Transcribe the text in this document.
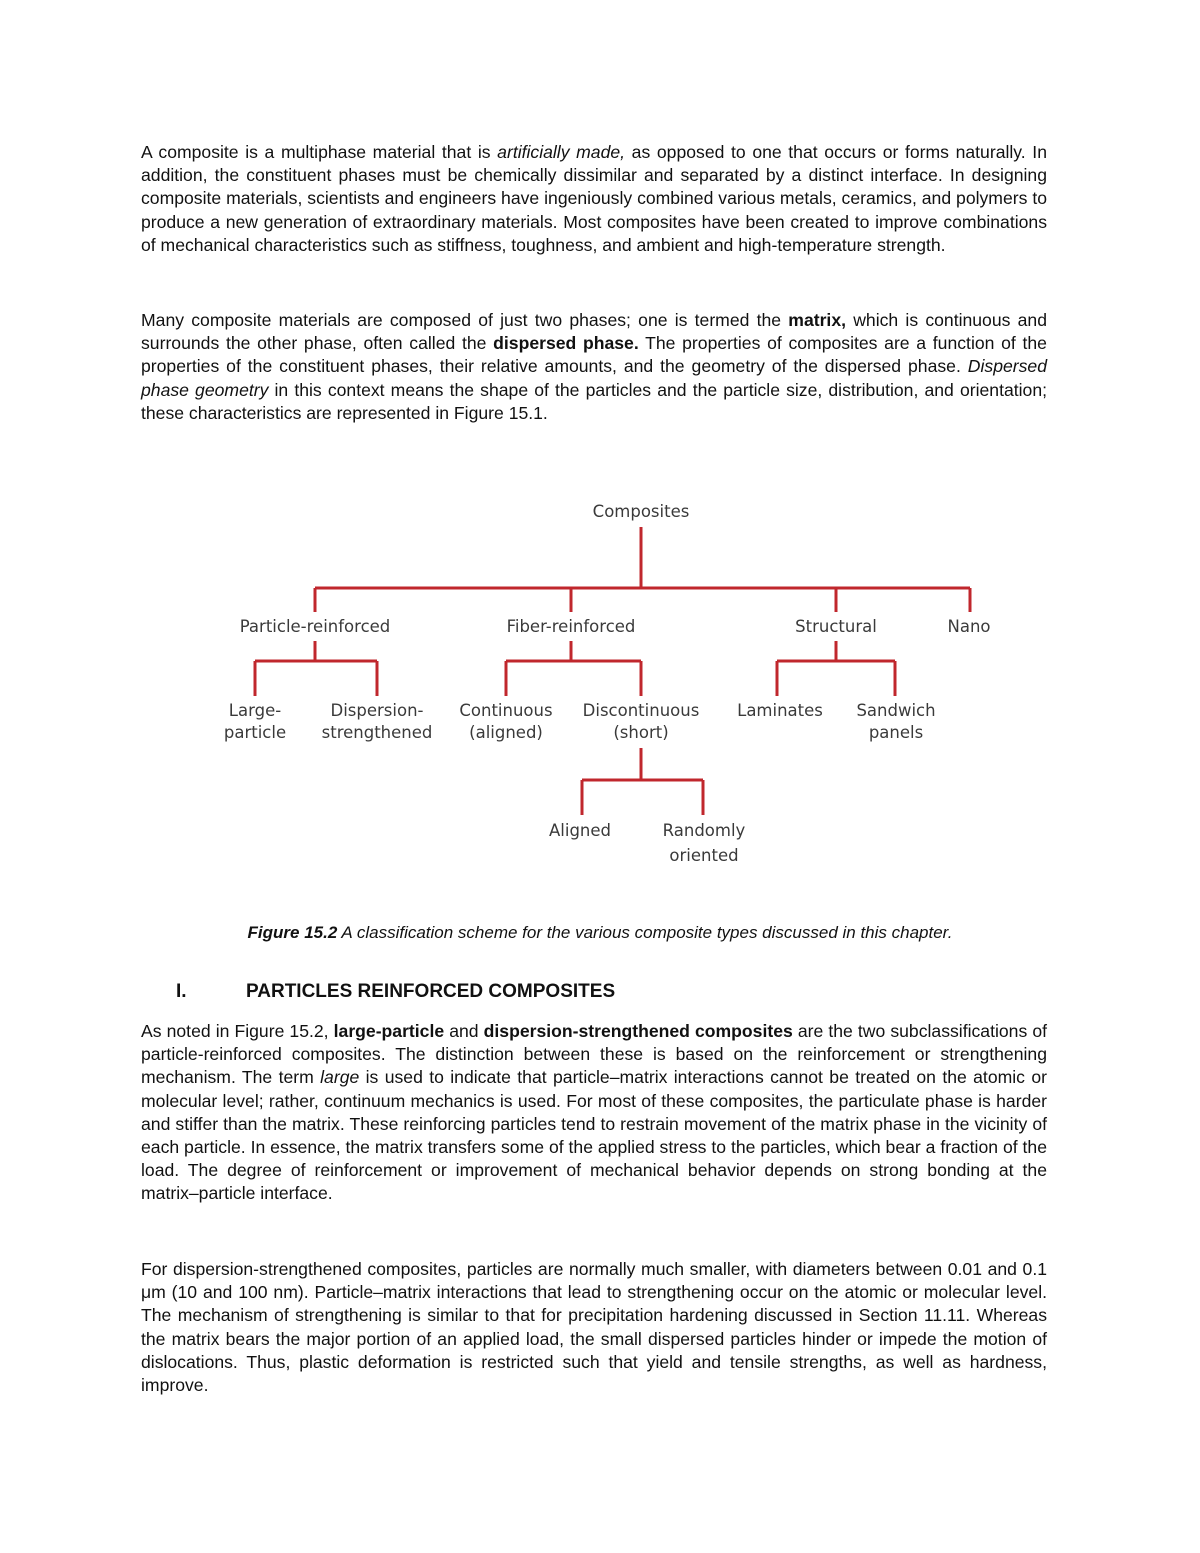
A composite is a multiphase material that is artificially made, as opposed to one that occurs or forms naturally. In addition, the constituent phases must be chemically dissimilar and separated by a distinct interface. In designing composite materials, scientists and engineers have ingeniously combined various metals, ceramics, and polymers to produce a new generation of extraordinary materials. Most composites have been created to improve combinations of mechanical characteristics such as stiffness, toughness, and ambient and high-temperature strength.

Many composite materials are composed of just two phases; one is termed the matrix, which is continuous and surrounds the other phase, often called the dispersed phase. The properties of composites are a function of the properties of the constituent phases, their relative amounts, and the geometry of the dispersed phase. Dispersed phase geometry in this context means the shape of the particles and the particle size, distribution, and orientation; these characteristics are represented in Figure 15.1.

Composites
Particle-reinforced	Fiber-reinforced	Structural	Nano
Large-
particle
Dispersion-
strengthened
Continuous
(aligned)
Discontinuous
(short)
Laminates Sandwich
panels
Aligned	Randomly
oriented
Figure 15.2 A classification scheme for the various composite types discussed in this chapter.
I.	PARTICLES REINFORCED COMPOSITES

As noted in Figure 15.2, large-particle and dispersion-strengthened composites are the two subclassifications of particle-reinforced composites. The distinction between these is based on the reinforcement or strengthening mechanism. The term large is used to indicate that particle–matrix interactions cannot be treated on the atomic or molecular level; rather, continuum mechanics is used. For most of these composites, the particulate phase is harder and stiffer than the matrix. These reinforcing particles tend to restrain movement of the matrix phase in the vicinity of each particle. In essence, the matrix transfers some of the applied stress to the particles, which bear a fraction of the load. The degree of reinforcement or improvement of mechanical behavior depends on strong bonding at the matrix–particle interface.

For dispersion-strengthened composites, particles are normally much smaller, with diameters between 0.01 and 0.1 μm (10 and 100 nm). Particle–matrix interactions that lead to strengthening occur on the atomic or molecular level. The mechanism of strengthening is similar to that for precipitation hardening discussed in Section 11.11. Whereas the matrix bears the major portion of an applied load, the small dispersed particles hinder or impede the motion of dislocations. Thus, plastic deformation is restricted such that yield and tensile strengths, as well as hardness, improve.
